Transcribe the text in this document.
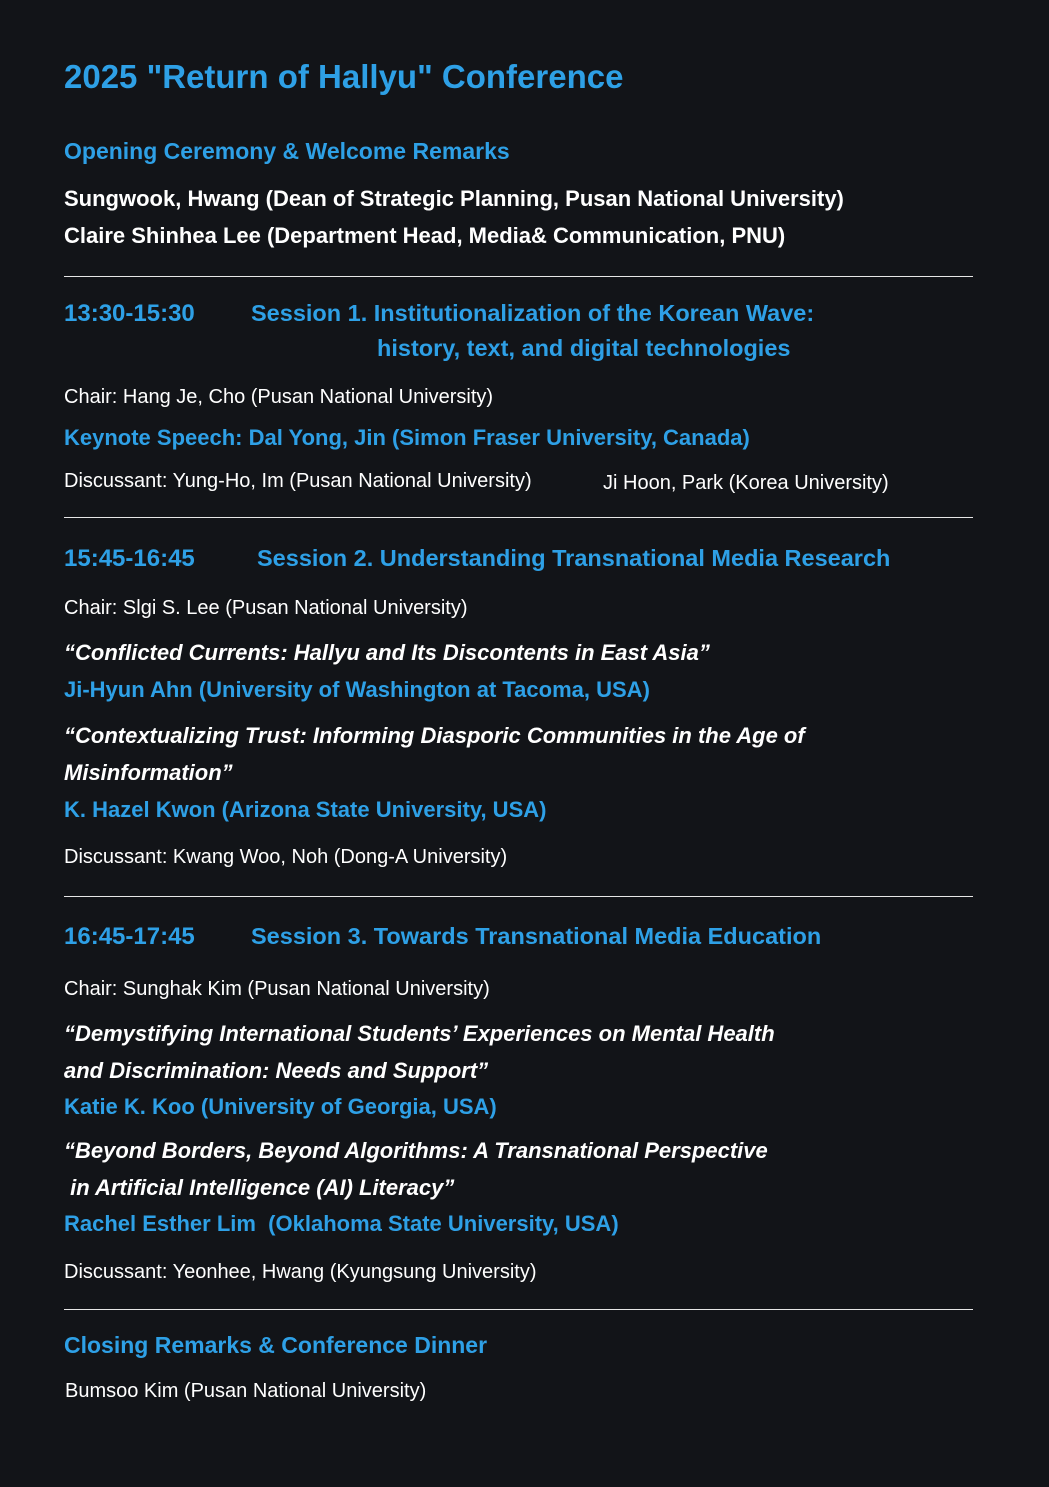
2025 "Return of Hallyu" Conference
Opening Ceremony & Welcome Remarks
Sungwook, Hwang (Dean of Strategic Planning, Pusan National University)
Claire Shinhea Lee (Department Head, Media& Communication, PNU)
13:30-15:30 Session 1. Institutionalization of the Korean Wave:
history, text, and digital technologies
Chair: Hang Je, Cho (Pusan National University)
Keynote Speech: Dal Yong, Jin (Simon Fraser University, Canada)
Discussant: Yung-Ho, Im (Pusan National University)	Ji Hoon, Park (Korea University)
15:45-16:45	Session 2. Understanding Transnational Media Research
Chair: Slgi S. Lee (Pusan National University)
“Conflicted Currents: Hallyu and Its Discontents in East Asia”
Ji-Hyun Ahn (University of Washington at Tacoma, USA)
“Contextualizing Trust: Informing Diasporic Communities in the Age of
Misinformation”
K. Hazel Kwon (Arizona State University, USA)
Discussant: Kwang Woo, Noh (Dong-A University)
16:45-17:45 Session 3. Towards Transnational Media Education
Chair: Sunghak Kim (Pusan National University)
“Demystifying International Students’ Experiences on Mental Health
and Discrimination: Needs and Support”
Katie K. Koo (University of Georgia, USA)
“Beyond Borders, Beyond Algorithms: A Transnational Perspective
in Artificial Intelligence (AI) Literacy”
Rachel Esther Lim  (Oklahoma State University, USA)
Discussant: Yeonhee, Hwang (Kyungsung University)
Closing Remarks & Conference Dinner
Bumsoo Kim (Pusan National University)
